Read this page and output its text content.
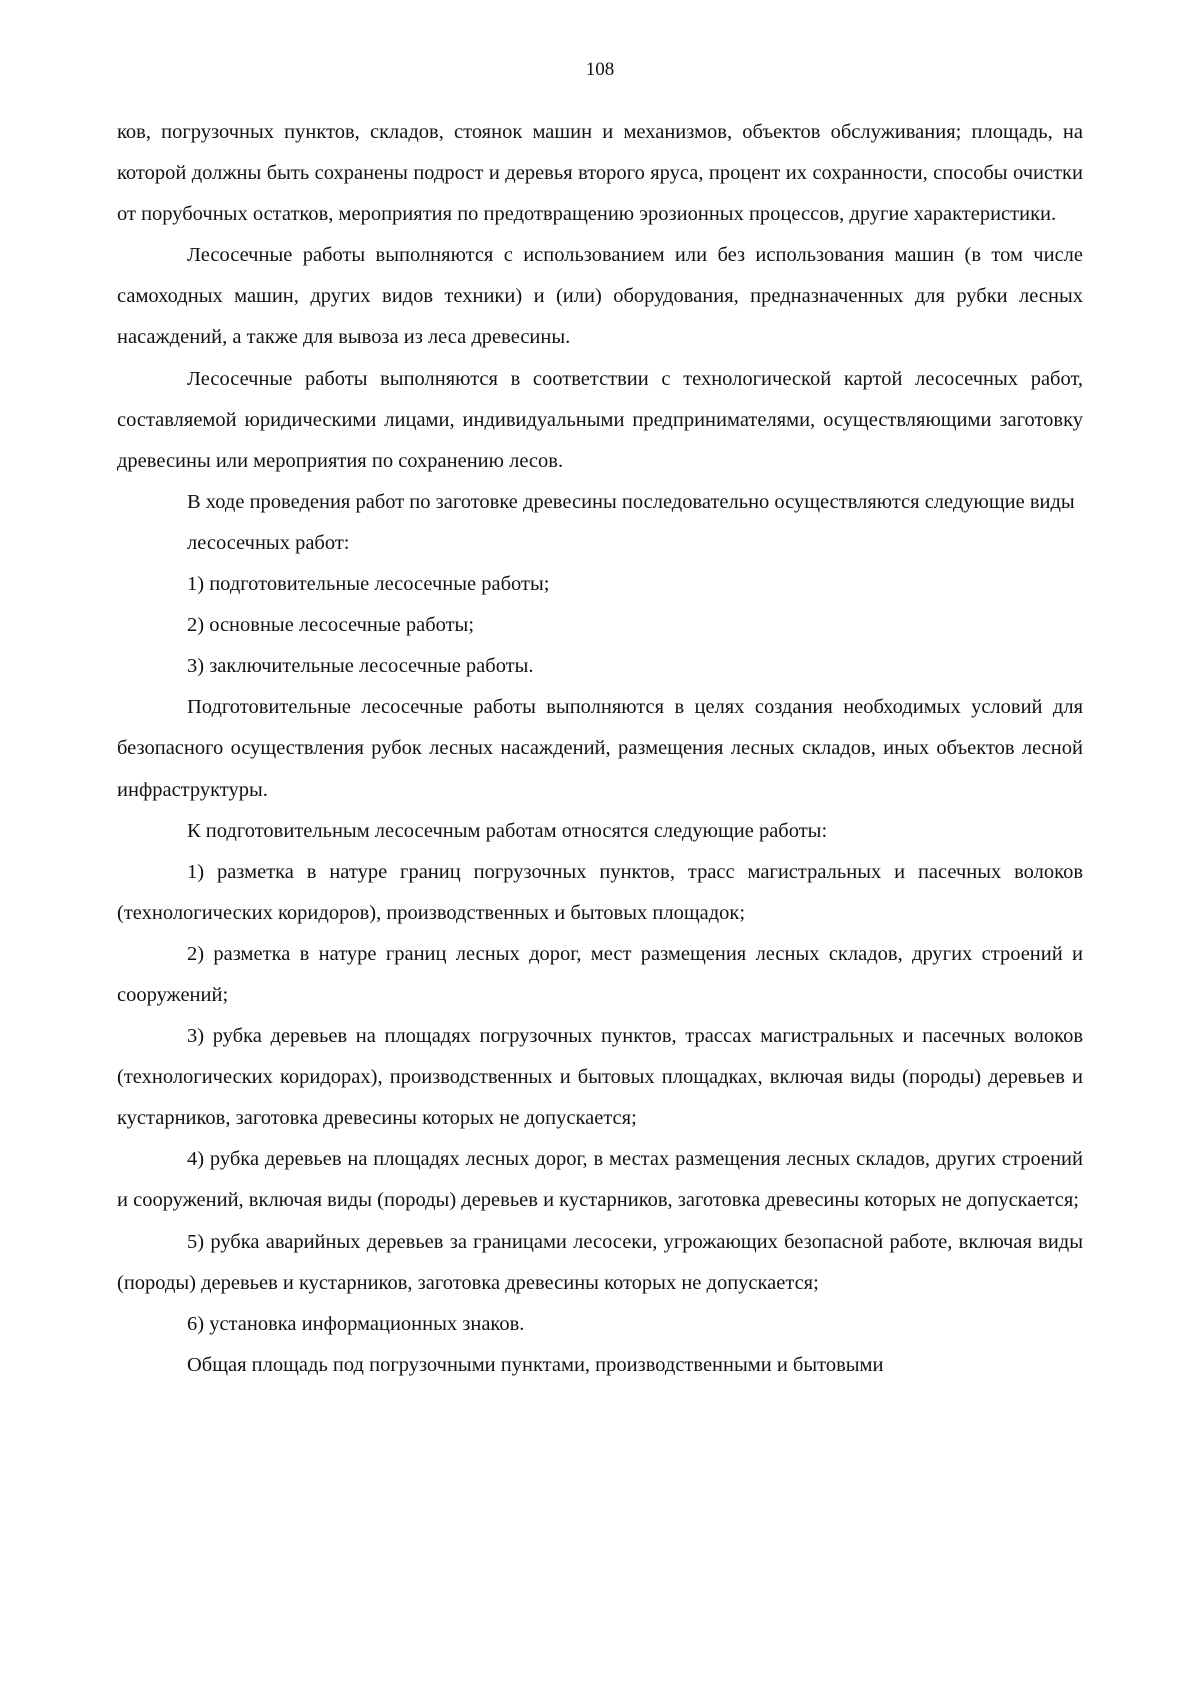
108

ков, погрузочных пунктов, складов, стоянок машин и механизмов, объектов обслуживания; площадь, на которой должны быть сохранены подрост и деревья второго яруса, процент их сохранности, способы очистки от порубочных остатков, мероприятия по предотвращению эрозионных процессов, другие характеристики.

Лесосечные работы выполняются с использованием или без использования машин (в том числе самоходных машин, других видов техники) и (или) оборудования, предназначенных для рубки лесных насаждений, а также для вывоза из леса древесины.

Лесосечные работы выполняются в соответствии с технологической картой лесосечных работ, составляемой юридическими лицами, индивидуальными предпринимателями, осуществляющими заготовку древесины или мероприятия по сохранению лесов.

В ходе проведения работ по заготовке древесины последовательно осуществляются следующие виды лесосечных работ:

1) подготовительные лесосечные работы;

2) основные лесосечные работы;

3) заключительные лесосечные работы.

Подготовительные лесосечные работы выполняются в целях создания необходимых условий для безопасного осуществления рубок лесных насаждений, размещения лесных складов, иных объектов лесной инфраструктуры.

К подготовительным лесосечным работам относятся следующие работы:

1) разметка в натуре границ погрузочных пунктов, трасс магистральных и пасечных волоков (технологических коридоров), производственных и бытовых площадок;

2) разметка в натуре границ лесных дорог, мест размещения лесных складов, других строений и сооружений;

3) рубка деревьев на площадях погрузочных пунктов, трассах магистральных и пасечных волоков (технологических коридорах), производственных и бытовых площадках, включая виды (породы) деревьев и кустарников, заготовка древесины которых не допускается;

4) рубка деревьев на площадях лесных дорог, в местах размещения лесных складов, других строений и сооружений, включая виды (породы) деревьев и кустарников, заготовка древесины которых не допускается;

5) рубка аварийных деревьев за границами лесосеки, угрожающих безопасной работе, включая виды (породы) деревьев и кустарников, заготовка древесины которых не допускается;

6) установка информационных знаков.

Общая площадь под погрузочными пунктами, производственными и бытовыми
